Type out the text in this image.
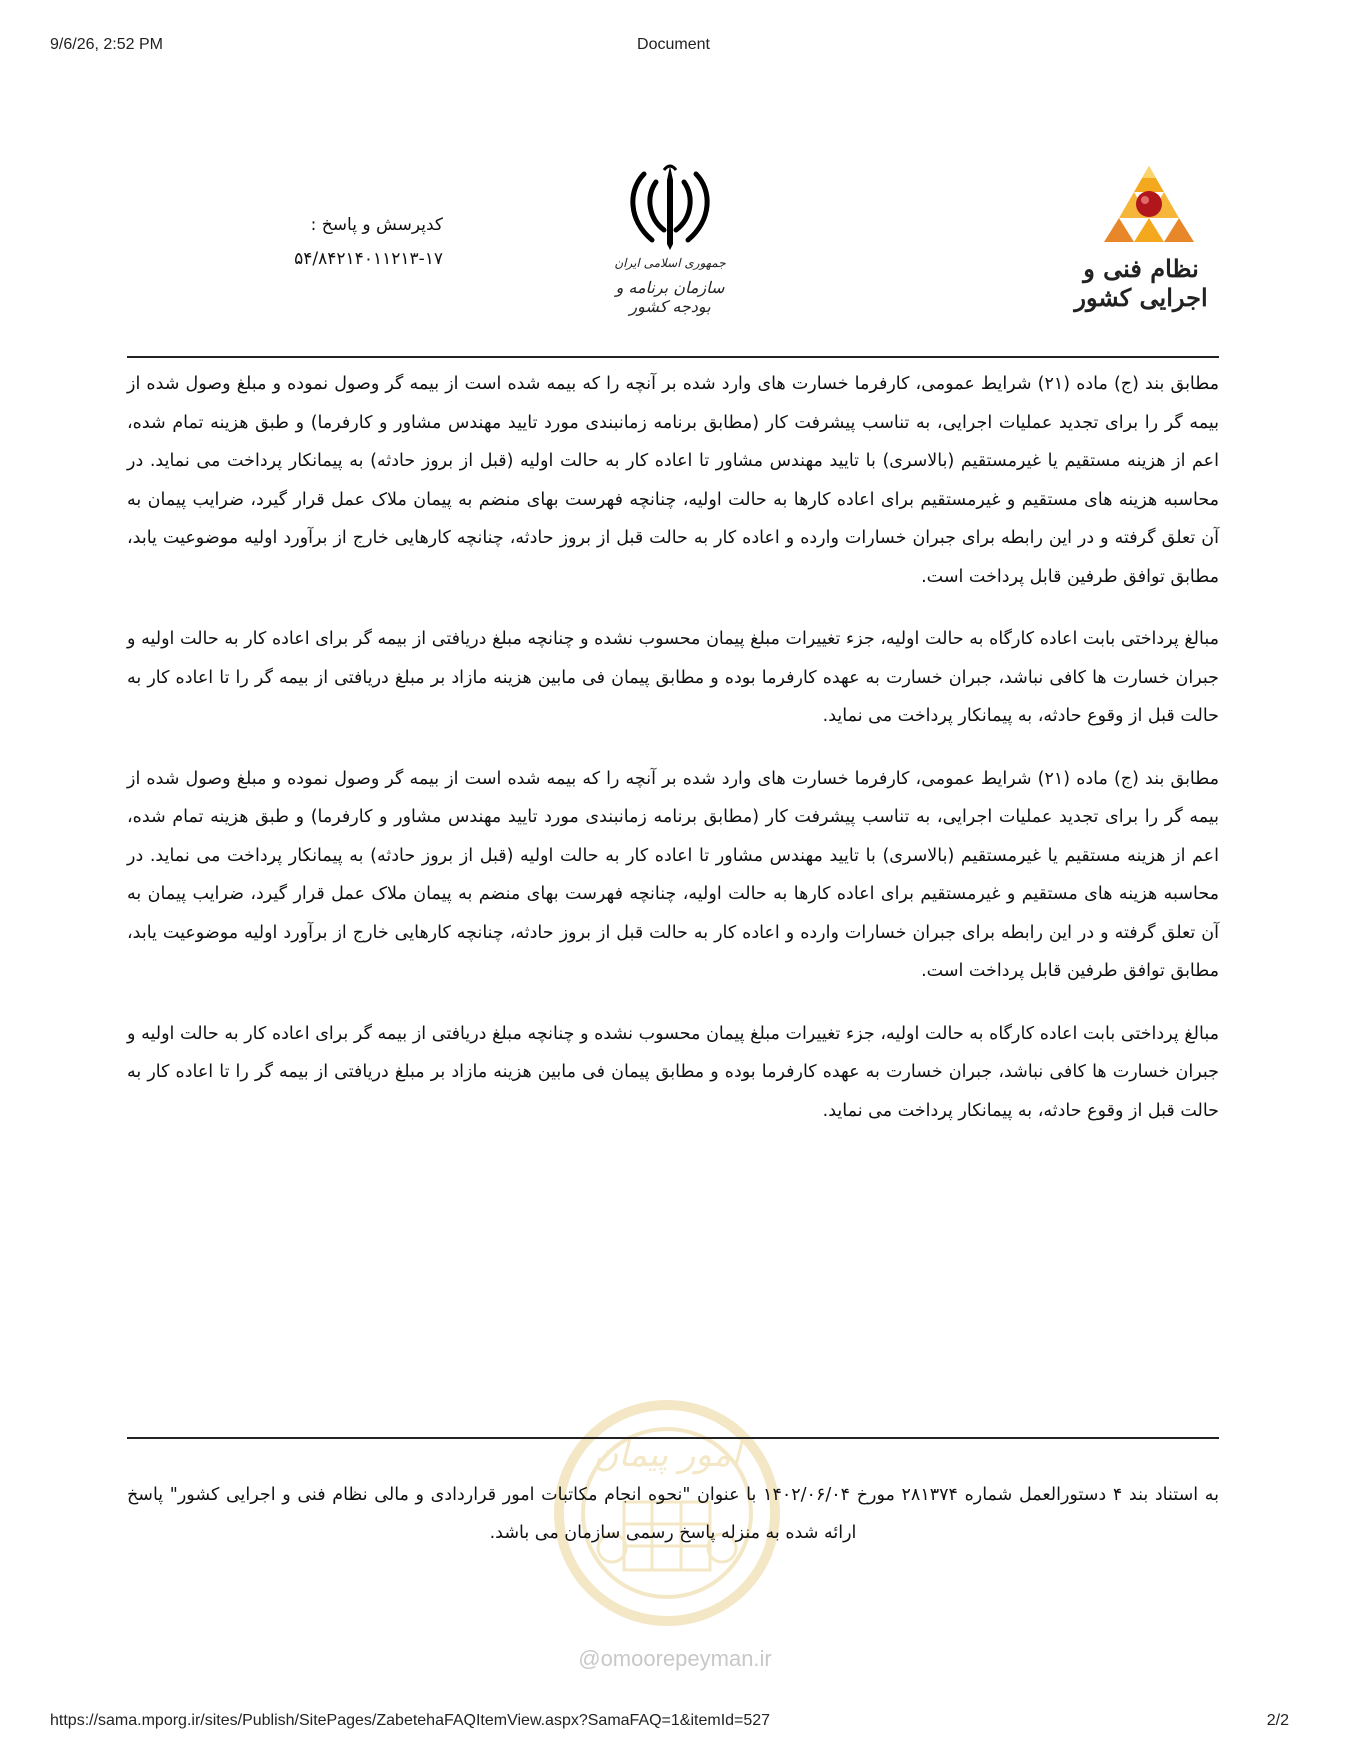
9/6/26, 2:52 PM	Document
نظام فنی و اجرایی کشور
جمهوری اسلامی ایران
سازمان برنامه و بودجه کشور
کدپرسش و پاسخ :
۵۴/۸۴۲۱۴۰۱۱۲۱۳-۱۷

مطابق بند (ج) ماده (۲۱) شرایط عمومی، کارفرما خسارت های وارد شده بر آنچه را که بیمه شده است از بیمه گر وصول نموده و مبلغ وصول شده از بیمه گر را برای تجدید عملیات اجرایی، به تناسب پیشرفت کار (مطابق برنامه زمانبندی مورد تایید مهندس مشاور و کارفرما) و طبق هزینه تمام شده، اعم از هزینه مستقیم یا غیرمستقیم (بالاسری) با تایید مهندس مشاور تا اعاده کار به حالت اولیه (قبل از بروز حادثه) به پیمانکار پرداخت می نماید. در محاسبه هزینه های مستقیم و غیرمستقیم برای اعاده کارها به حالت اولیه، چنانچه فهرست بهای منضم به پیمان ملاک عمل قرار گیرد، ضرایب پیمان به آن تعلق گرفته و در این رابطه برای جبران خسارات وارده و اعاده کار به حالت قبل از بروز حادثه، چنانچه کارهایی خارج از برآورد اولیه موضوعیت یابد، مطابق توافق طرفین قابل پرداخت است.

مبالغ پرداختی بابت اعاده کارگاه به حالت اولیه، جزء تغییرات مبلغ پیمان محسوب نشده و چنانچه مبلغ دریافتی از بیمه گر برای اعاده کار به حالت اولیه و جبران خسارت ها کافی نباشد، جبران خسارت به عهده کارفرما بوده و مطابق پیمان فی مابین هزینه مازاد بر مبلغ دریافتی از بیمه گر را تا اعاده کار به حالت قبل از وقوع حادثه، به پیمانکار پرداخت می نماید.

مطابق بند (ج) ماده (۲۱) شرایط عمومی، کارفرما خسارت های وارد شده بر آنچه را که بیمه شده است از بیمه گر وصول نموده و مبلغ وصول شده از بیمه گر را برای تجدید عملیات اجرایی، به تناسب پیشرفت کار (مطابق برنامه زمانبندی مورد تایید مهندس مشاور و کارفرما) و طبق هزینه تمام شده، اعم از هزینه مستقیم یا غیرمستقیم (بالاسری) با تایید مهندس مشاور تا اعاده کار به حالت اولیه (قبل از بروز حادثه) به پیمانکار پرداخت می نماید. در محاسبه هزینه های مستقیم و غیرمستقیم برای اعاده کارها به حالت اولیه، چنانچه فهرست بهای منضم به پیمان ملاک عمل قرار گیرد، ضرایب پیمان به آن تعلق گرفته و در این رابطه برای جبران خسارات وارده و اعاده کار به حالت قبل از بروز حادثه، چنانچه کارهایی خارج از برآورد اولیه موضوعیت یابد، مطابق توافق طرفین قابل پرداخت است.

مبالغ پرداختی بابت اعاده کارگاه به حالت اولیه، جزء تغییرات مبلغ پیمان محسوب نشده و چنانچه مبلغ دریافتی از بیمه گر برای اعاده کار به حالت اولیه و جبران خسارت ها کافی نباشد، جبران خسارت به عهده کارفرما بوده و مطابق پیمان فی مابین هزینه مازاد بر مبلغ دریافتی از بیمه گر را تا اعاده کار به حالت قبل از وقوع حادثه، به پیمانکار پرداخت می نماید.

امور پیمان
به استناد بند ۴ دستورالعمل شماره ۲۸۱۳۷۴ مورخ ۱۴۰۲/۰۶/۰۴ با عنوان "نحوه انجام مکاتبات امور قراردادی و مالی نظام فنی و اجرایی کشور" پاسخ ارائه شده به منزله پاسخ رسمی سازمان می باشد.
@omoorepeyman.ir
https://sama.mporg.ir/sites/Publish/SitePages/ZabetehaFAQItemView.aspx?SamaFAQ=1&itemId=527	2/2
